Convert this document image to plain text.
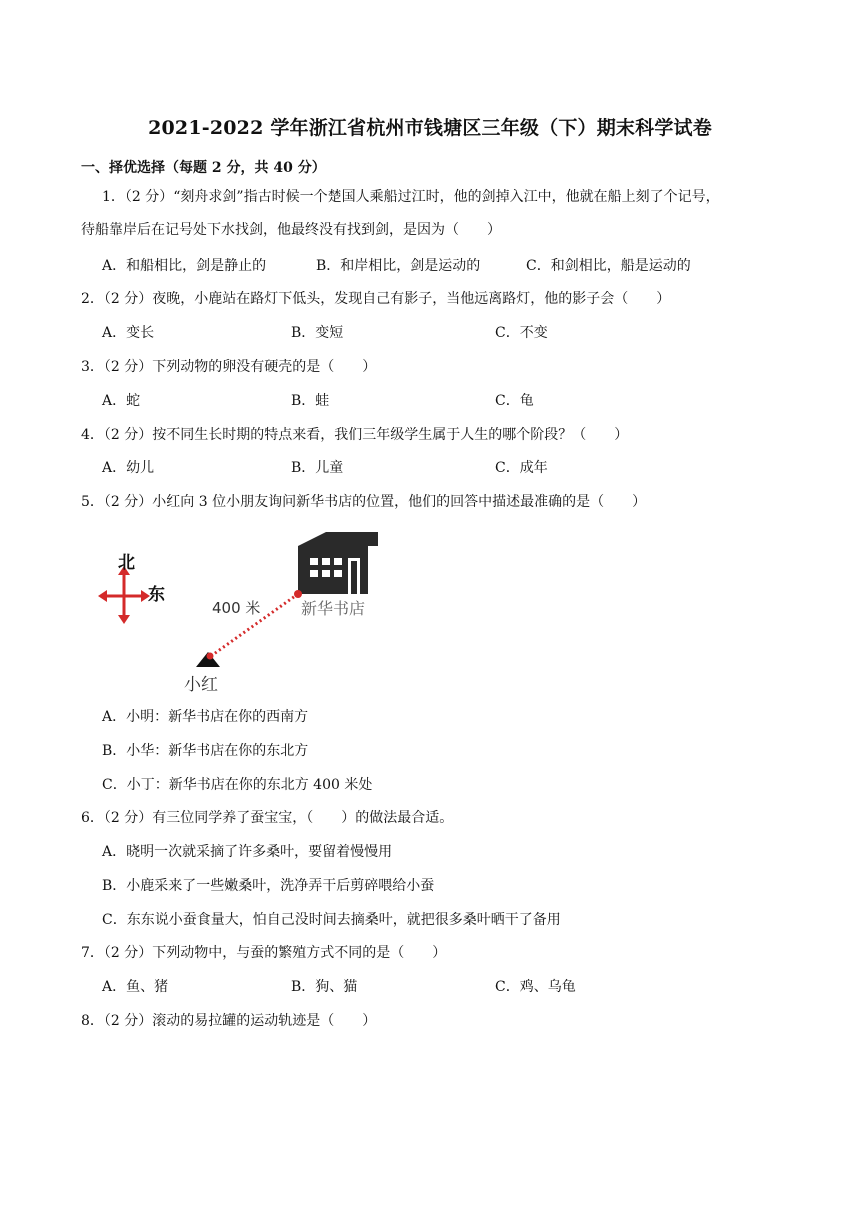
2021-2022 学年浙江省杭州市钱塘区三年级（下）期末科学试卷
一、择优选择（每题 2 分，共 40 分）
1．（2 分）“刻舟求剑”指古时候一个楚国人乘船过江时，他的剑掉入江中，他就在船上刻了个记号，
待船靠岸后在记号处下水找剑，他最终没有找到剑，是因为（　　）
A．和船相比，剑是静止的	B．和岸相比，剑是运动的	C．和剑相比，船是运动的
2．（2 分）夜晚，小鹿站在路灯下低头，发现自己有影子，当他远离路灯，他的影子会（　　）
A．变长	B．变短	C．不变
3．（2 分）下列动物的卵没有硬壳的是（　　）
A．蛇	B．蛙	C．龟
4．（2 分）按不同生长时期的特点来看，我们三年级学生属于人生的哪个阶段？（　　）
A．幼儿	B．儿童	C．成年
5．（2 分）小红向 3 位小朋友询问新华书店的位置，他们的回答中描述最准确的是（　　）
北
东
新华书店
400 米
小红
A．小明：新华书店在你的西南方
B．小华：新华书店在你的东北方
C．小丁：新华书店在你的东北方 400 米处
6．（2 分）有三位同学养了蚕宝宝，（　　）的做法最合适。
A．晓明一次就采摘了许多桑叶，要留着慢慢用
B．小鹿采来了一些嫩桑叶，洗净弄干后剪碎喂给小蚕
C．东东说小蚕食量大，怕自己没时间去摘桑叶，就把很多桑叶晒干了备用
7．（2 分）下列动物中，与蚕的繁殖方式不同的是（　　）
A．鱼、猪	B．狗、猫	C．鸡、乌龟
8．（2 分）滚动的易拉罐的运动轨迹是（　　）
